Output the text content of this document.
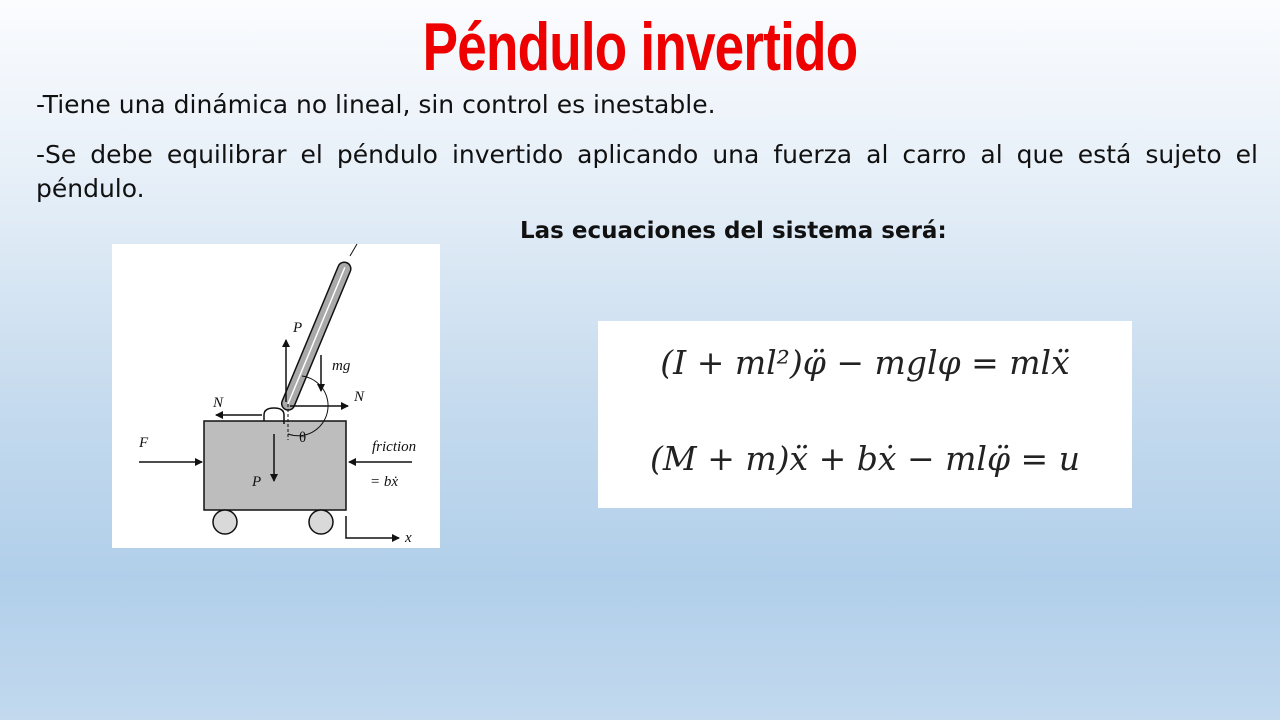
Péndulo invertido
-Tiene una dinámica no lineal, sin control es inestable.
-Se debe equilibrar el péndulo invertido aplicando una fuerza al carro al que está sujeto el péndulo.
Las ecuaciones del sistema será:
P
mg
N
N
θ
F	friction
= bẋ
P
x
(I + ml²)φ̈ − mglφ = mlẍ
(M + m)ẍ + bẋ − mlφ̈ = u
